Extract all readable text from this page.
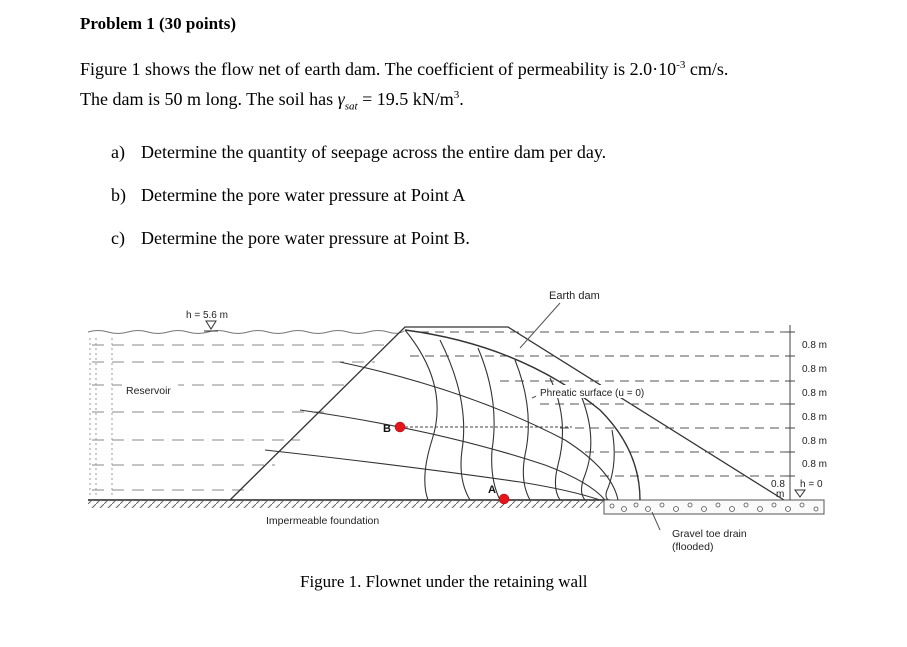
Problem 1 (30 points)
Figure 1 shows the flow net of earth dam. The coefficient of permeability is $2.0\cdot 10^{-3}$ cm/s.
The dam is 50 m long. The soil has $\gamma_{sat} = 19.5$ $kN/m^3$.
a) Determine the quantity of seepage across the entire dam per day.
b) Determine the pore water pressure at Point A
c) Determine the pore water pressure at Point B.
Earth dam
h = 5.6 m
Reservoir	Phreatic surface (u = 0)
B
A
Impermeable foundation
Gravel toe drain
(flooded)
0.8 m
0.8 m
0.8 m
0.8 m
0.8 m
0.8 m
0.8
m
h = 0
Figure 1. Flownet under the retaining wall
